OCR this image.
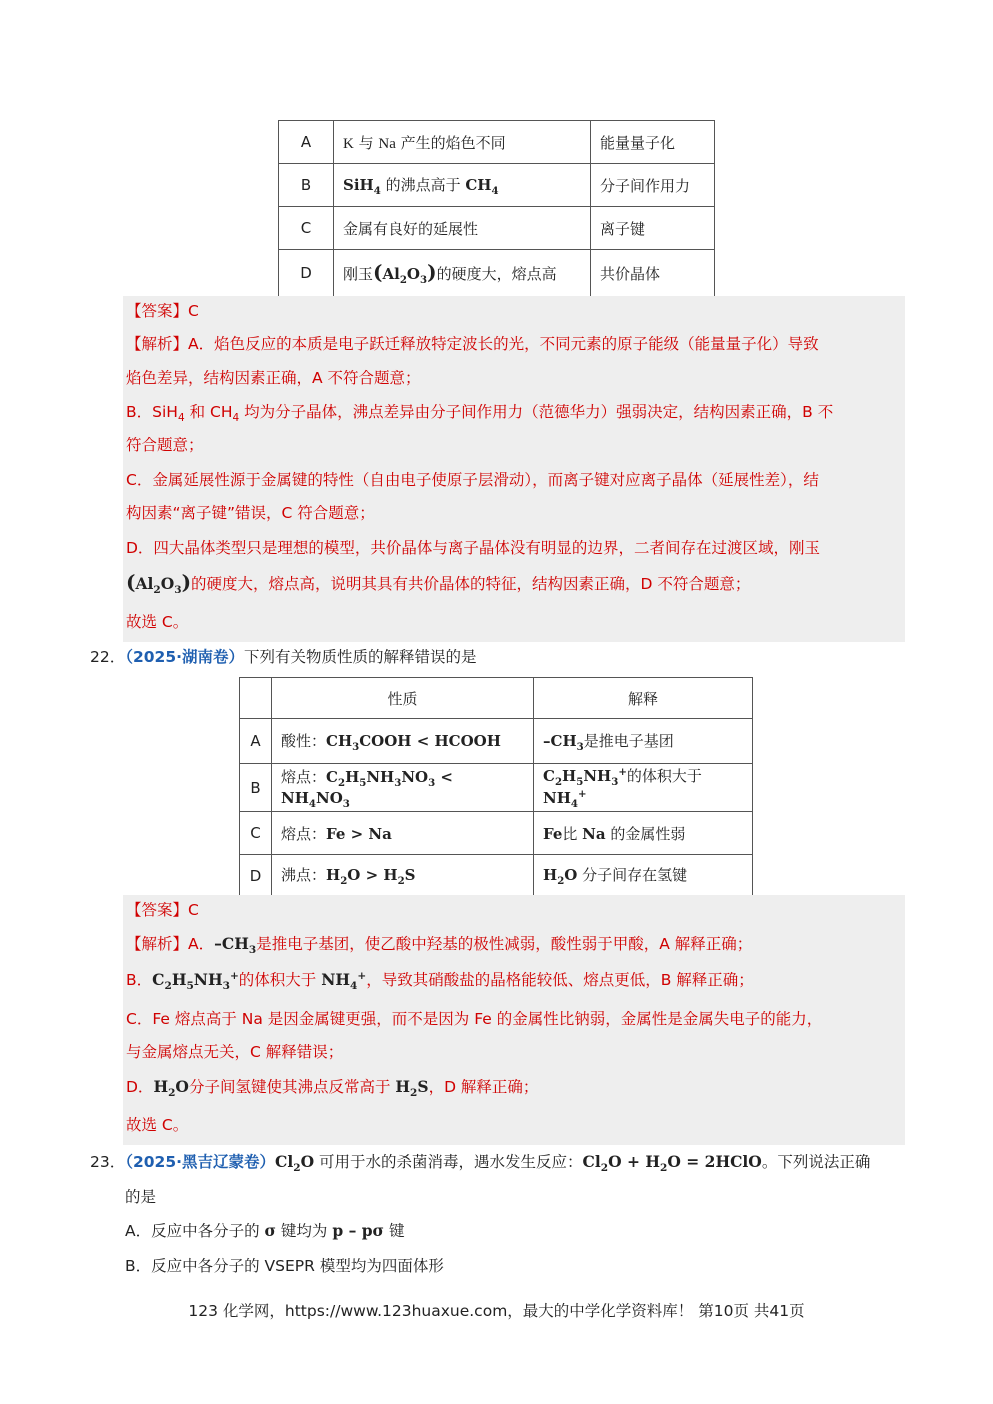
A	K 与 Na 产生的焰色不同	能量量子化
B	SiH$_4$ 的沸点高于 $CH_4$	分子间作用力
C	金属有良好的延展性	离子键
D	刚玉$(Al_2O_3)$的硬度大，熔点高	共价晶体
【答案】C
【解析】A．焰色反应的本质是电子跃迁释放特定波长的光，不同元素的原子能级（能量量子化）导致
焰色差异，结构因素正确，A 不符合题意；
B．SiH$_4$ 和 $CH_4$ 均为分子晶体，沸点差异由分子间作用力（范德华力）强弱决定，结构因素正确，B 不
符合题意；
C．金属延展性源于金属键的特性（自由电子使原子层滑动），而离子键对应离子晶体（延展性差），结
构因素“离子键”错误，C 符合题意；
D．四大晶体类型只是理想的模型，共价晶体与离子晶体没有明显的边界，二者间存在过渡区域，刚玉
$(Al_2O_3)$的硬度大，熔点高，说明其具有共价晶体的特征，结构因素正确，D 不符合题意；
故选 C。
22．（2025·湖南卷）下列有关物质性质的解释错误的是
	性质	解释
A	酸性：$CH_3COOH$ < HCOOH	$-CH_3$是推电子基团
B	熔点：$C_2H_5NH_3NO_3 < NH_4NO_3$	$C_2H_5NH_3^+$的体积大于 $NH_4^+$
C	熔点：Fe > Na	Fe比 Na 的金属性弱
D	沸点：$H_2O > H_2S$	$H_2O$ 分子间存在氢键
【答案】C
【解析】A．$-CH_3$是推电子基团，使乙酸中羟基的极性减弱，酸性弱于甲酸，A 解释正确；
B．$C_2H_5NH_3^+$的体积大于 $NH_4^+$，导致其硝酸盐的晶格能较低、熔点更低，B 解释正确；
C．Fe 熔点高于 Na 是因金属键更强，而不是因为 Fe 的金属性比钠弱，金属性是金属失电子的能力，
与金属熔点无关，C 解释错误；
D．$H_2O$分子间氢键使其沸点反常高于 $H_2S$，D 解释正确；
故选 C。
23．（2025·黑吉辽蒙卷）$Cl_2O$ 可用于水的杀菌消毒，遇水发生反应：$Cl_2O + H_2O$ = 2HClO。下列说法正确
的是
A．反应中各分子的 σ 键均为 p – pσ 键
B．反应中各分子的 VSEPR 模型均为四面体形
123 化学网，https://www.123huaxue.com，最大的中学化学资料库！ 第10页 共41页
